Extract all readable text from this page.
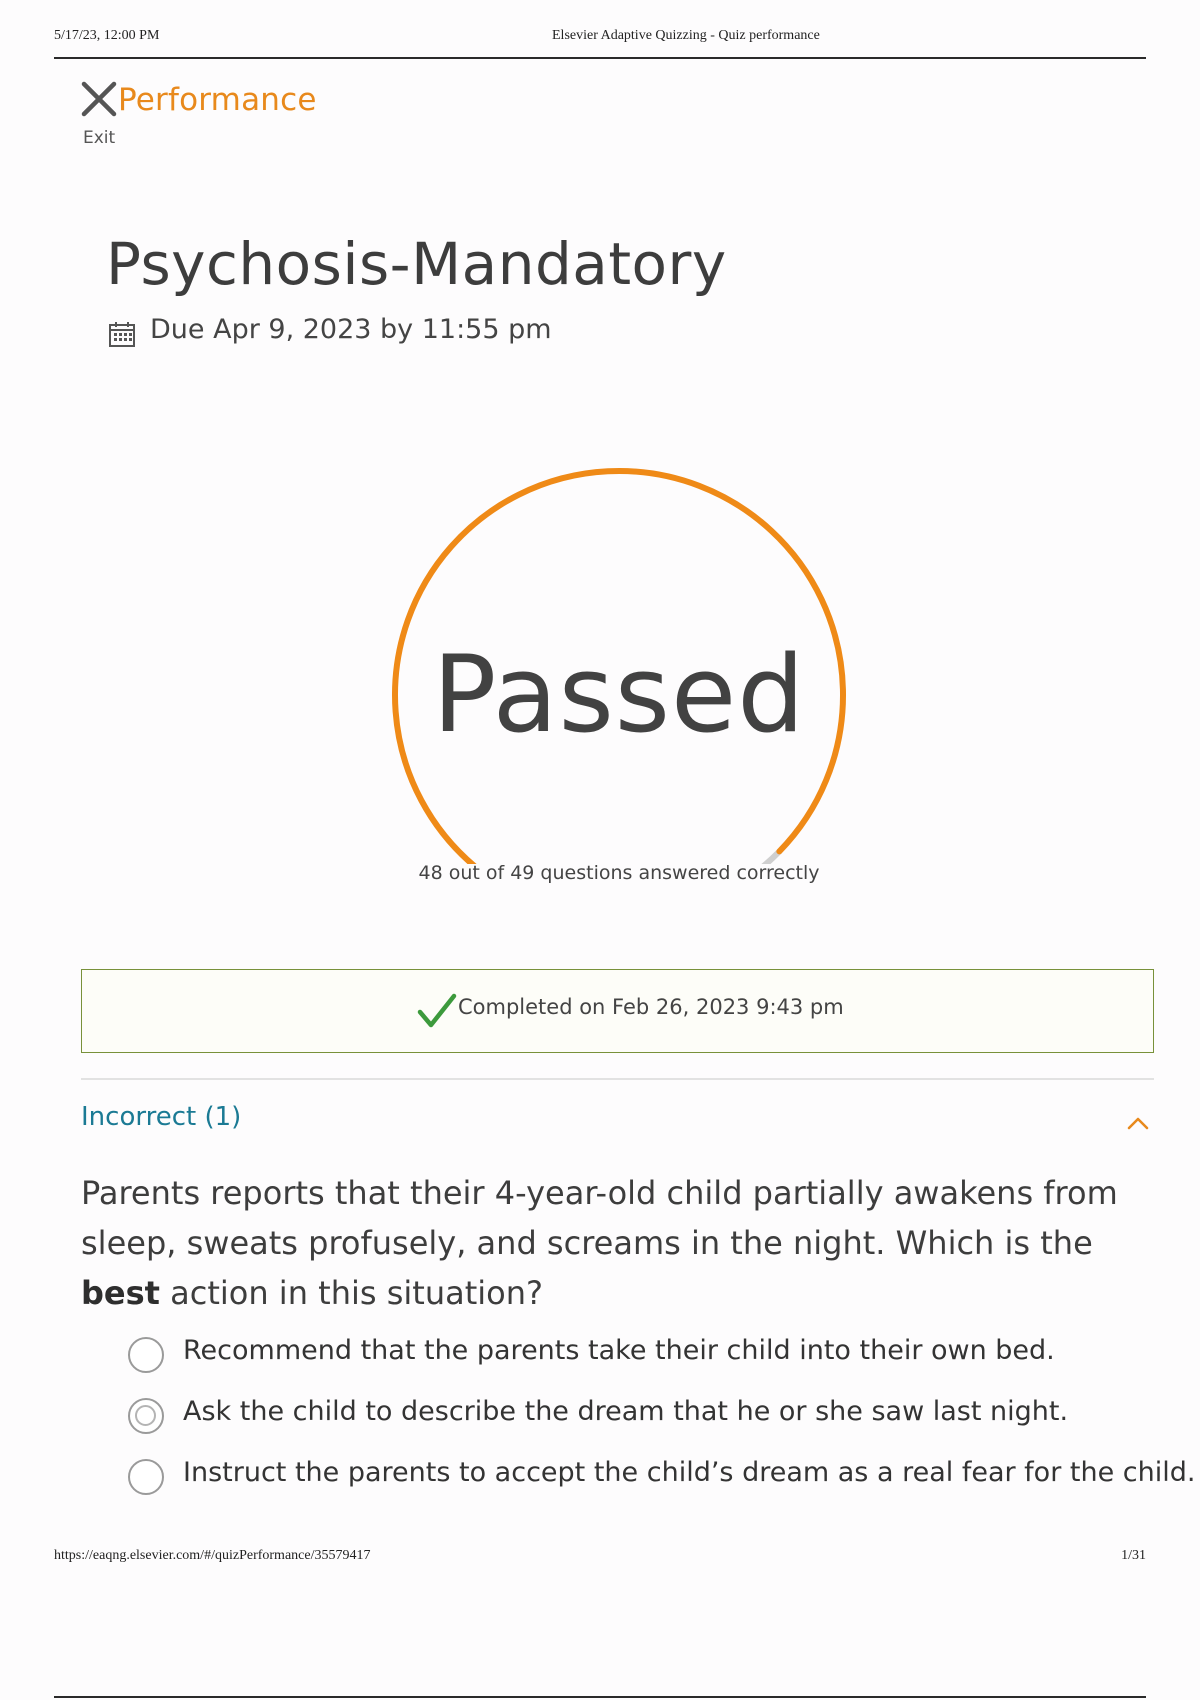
5/17/23, 12:00 PM	Elsevier Adaptive Quizzing - Quiz performance
Exit
Performance
Psychosis-Mandatory
Due Apr 9, 2023 by 11:55 pm
Passed
48 out of 49 questions answered correctly
Completed on Feb 26, 2023 9:43 pm
Incorrect (1)

Parents reports that their 4-year-old child partially awakens from sleep, sweats profusely, and screams in the night. Which is the best action in this situation?

Recommend that the parents take their child into their own bed.
Ask the child to describe the dream that he or she saw last night.
Instruct the parents to accept the child’s dream as a real fear for the child.
https://eaqng.elsevier.com/#/quizPerformance/35579417	1/31
